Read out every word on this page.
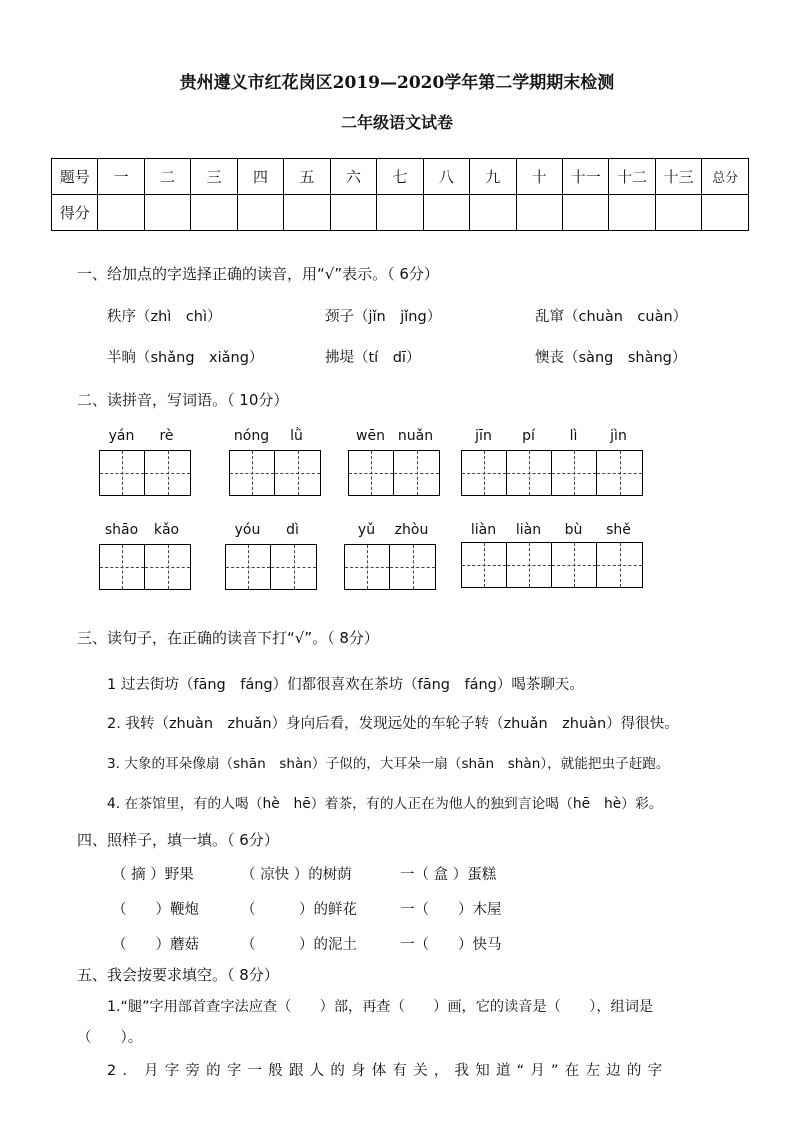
贵州遵义市红花岗区2019—2020学年第二学期期末检测
二年级语文试卷
题号	一	二	三	四	五	六	七	八	九	十	十一	十二	十三	总分
得分														
一、给加点的字选择正确的读音，用“√”表示。（ 6分）
秩序（zhì　chì）	颈子（jǐn　jǐng）	乱窜（chuàn　cuàn）
半晌（shǎng　xiǎng）	拂堤（tí　dī）	懊丧（sàng　shàng）
二、读拼音，写词语。（ 10分）
yán rè	nóng lǜ	wēn nuǎn	jīn pí lì jìn
shāo kǎo	yóu dì	yǔ zhòu	liàn liàn bù shě
三、读句子，在正确的读音下打“√”。（ 8分）
1 过去街坊（fāng　fáng）们都很喜欢在茶坊（fāng　fáng）喝茶聊天。
2. 我转（zhuàn　zhuǎn）身向后看，发现远处的车轮子转（zhuǎn　zhuàn）得很快。
3. 大象的耳朵像扇（shān　shàn）子似的，大耳朵一扇（shān　shàn），就能把虫子赶跑。
4. 在茶馆里，有的人喝（hè　hē）着茶，有的人正在为他人的独到言论喝（hē　hè）彩。
四、照样子，填一填。（ 6分）
（ 摘 ）野果	（ 凉快 ）的树荫	一（ 盒 ）蛋糕
（　　）鞭炮	（　　　）的鲜花	一（　　）木屋
（　　）蘑菇	（　　　）的泥土	一（　　）快马
五、我会按要求填空。（ 8分）
1.“腿”字用部首查字法应查（　　）部，再查（　　）画，它的读音是（　　），组词是
（　　）。
2. 月字旁的字一般跟人的身体有关，我知道“月”在左边的字
